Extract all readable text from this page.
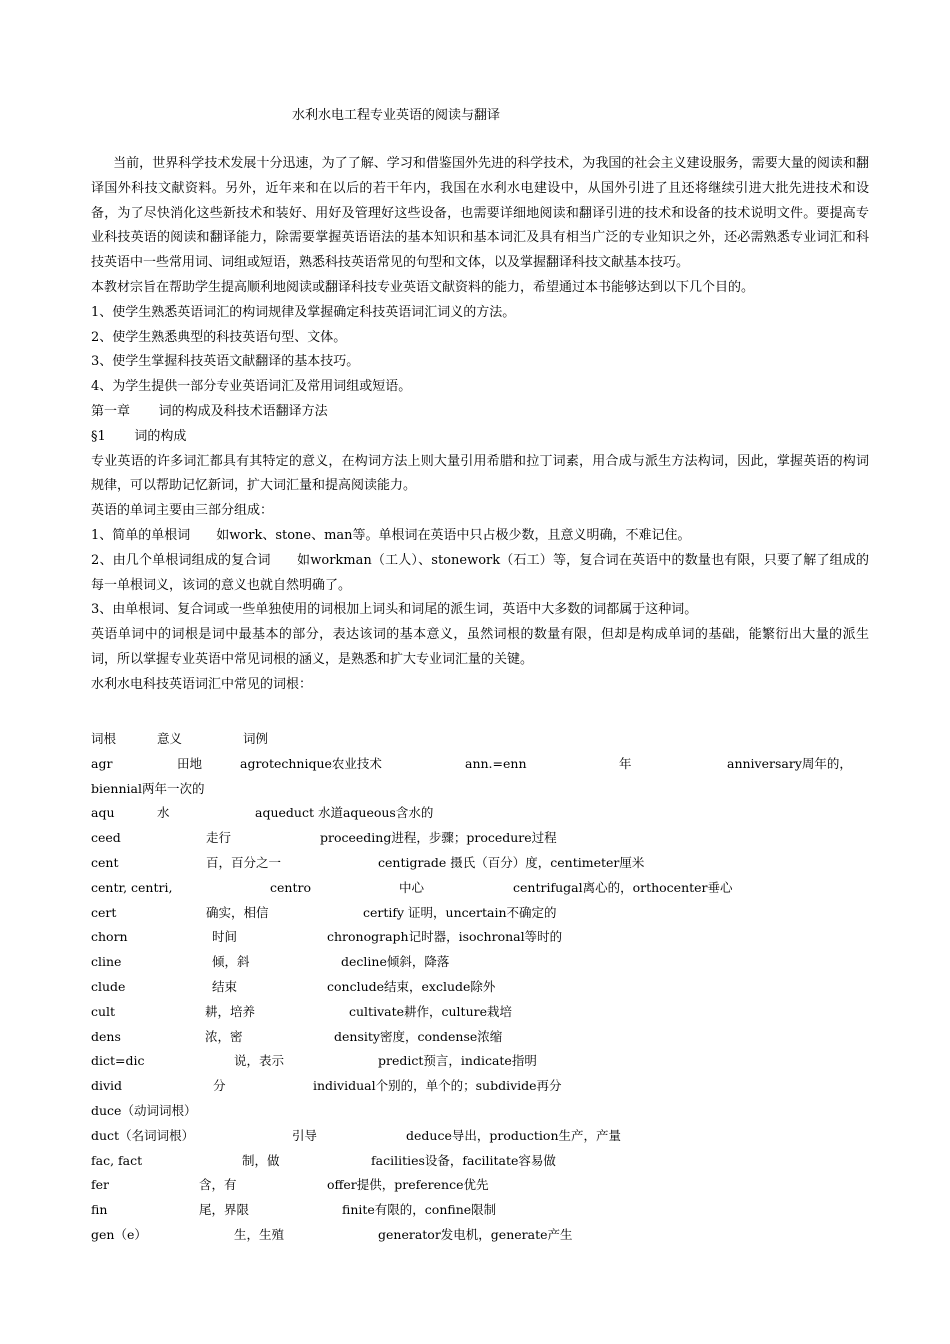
水利水电工程专业英语的阅读与翻译

当前，世界科学技术发展十分迅速，为了了解、学习和借鉴国外先进的科学技术，为我国的社会主义建设服务，需要大量的阅读和翻译国外科技文献资料。另外，近年来和在以后的若干年内，我国在水利水电建设中，从国外引进了且还将继续引进大批先进技术和设备，为了尽快消化这些新技术和装好、用好及管理好这些设备，也需要详细地阅读和翻译引进的技术和设备的技术说明文件。要提高专业科技英语的阅读和翻译能力，除需要掌握英语语法的基本知识和基本词汇及具有相当广泛的专业知识之外，还必需熟悉专业词汇和科技英语中一些常用词、词组或短语，熟悉科技英语常见的句型和文体，以及掌握翻译科技文献基本技巧。

本教材宗旨在帮助学生提高顺利地阅读或翻译科技专业英语文献资料的能力，希望通过本书能够达到以下几个目的。

1、使学生熟悉英语词汇的构词规律及掌握确定科技英语词汇词义的方法。

2、使学生熟悉典型的科技英语句型、文体。

3、使学生掌握科技英语文献翻译的基本技巧。

4、为学生提供一部分专业英语词汇及常用词组或短语。

第一章 词的构成及科技术语翻译方法

§1 词的构成

专业英语的许多词汇都具有其特定的意义，在构词方法上则大量引用希腊和拉丁词素，用合成与派生方法构词，因此，掌握英语的构词规律，可以帮助记忆新词，扩大词汇量和提高阅读能力。

英语的单词主要由三部分组成：

1、简单的单根词　　如work、stone、man等。单根词在英语中只占极少数，且意义明确，不难记住。

2、由几个单根词组成的复合词　　如workman（工人）、stonework（石工）等，复合词在英语中的数量也有限，只要了解了组成的每一单根词义，该词的意义也就自然明确了。

3、由单根词、复合词或一些单独使用的词根加上词头和词尾的派生词，英语中大多数的词都属于这种词。

英语单词中的词根是词中最基本的部分，表达该词的基本意义，虽然词根的数量有限，但却是构成单词的基础，能繁衍出大量的派生词，所以掌握专业英语中常见词根的涵义，是熟悉和扩大专业词汇量的关键。

水利水电科技英语词汇中常见的词根：

词根	意义	词例
agr	田地	agrotechnique农业技术	ann.=enn	年	anniversary周年的，
biennial两年一次的
aqu	水	aqueduct 水道aqueous含水的
ceed	走行	proceeding进程，步骤；procedure过程
cent	百，百分之一	centigrade 摄氏（百分）度，centimeter厘米
centr, centri,	centro	中心	centrifugal离心的，orthocenter垂心
cert	确实，相信	certify 证明，uncertain不确定的
chorn	时间	chronograph记时器，isochronal等时的
cline	倾，斜	decline倾斜，降落
clude	结束	conclude结束，exclude除外
cult	耕，培养	cultivate耕作，culture栽培
dens	浓，密	density密度，condense浓缩
dict=dic	说，表示	predict预言，indicate指明
divid	分	individual个别的，单个的；subdivide再分
duce（动词词根）
duct（名词词根）	引导	deduce导出，production生产，产量
fac, fact	制，做	facilities设备，facilitate容易做
fer	含，有	offer提供，preference优先
fin	尾，界限	finite有限的，confine限制
gen（e）	生，生殖	generator发电机，generate产生
